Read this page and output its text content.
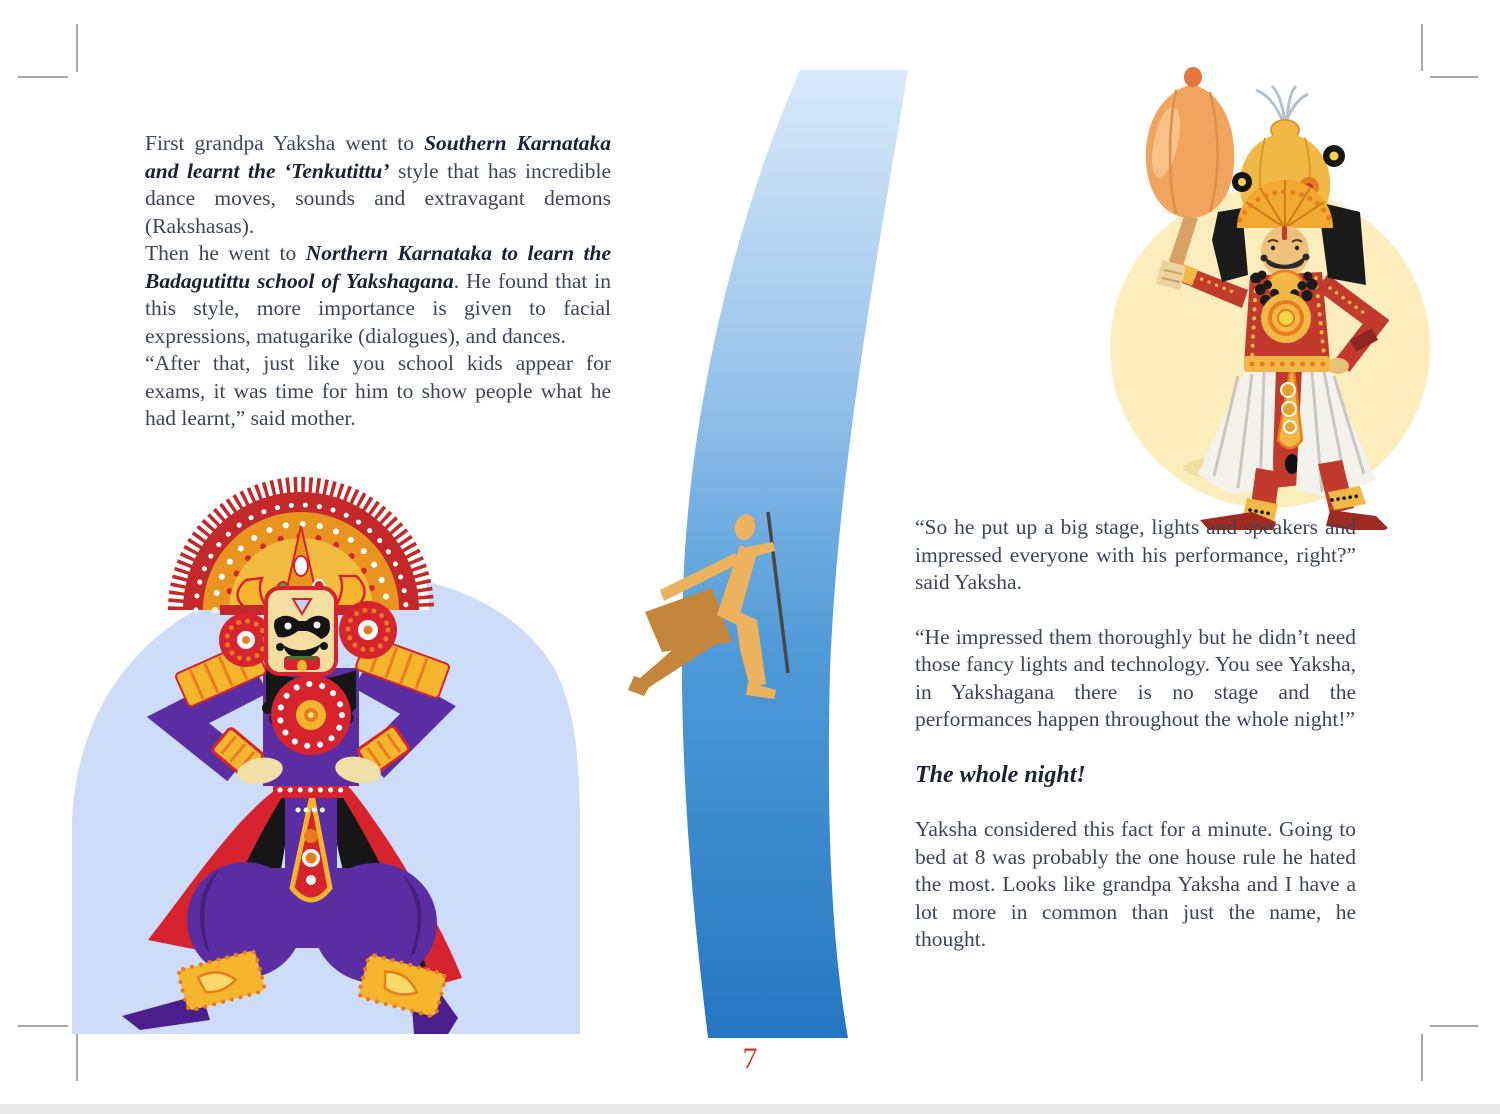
First grandpa Yaksha went to Southern Karnataka and learnt the ‘Tenkutittu’ style that has incredible dance moves, sounds and extravagant demons (Rakshasas).

Then he went to Northern Karnataka to learn the Badagutittu school of Yakshagana. He found that in this style, more importance is given to facial expressions, matugarike (dialogues), and dances.

“After that, just like you school kids appear for exams, it was time for him to show people what he had learnt,” said mother.

“So he put up a big stage, lights and speakers and impressed everyone with his performance, right?” said Yaksha.

“He impressed them thoroughly but he didn’t need those fancy lights and technology. You see Yaksha, in Yakshagana there is no stage and the performances happen throughout the whole night!”

The whole night!

Yaksha considered this fact for a minute. Going to bed at 8 was probably the one house rule he hated the most. Looks like grandpa Yaksha and I have a lot more in common than just the name, he thought.

7
